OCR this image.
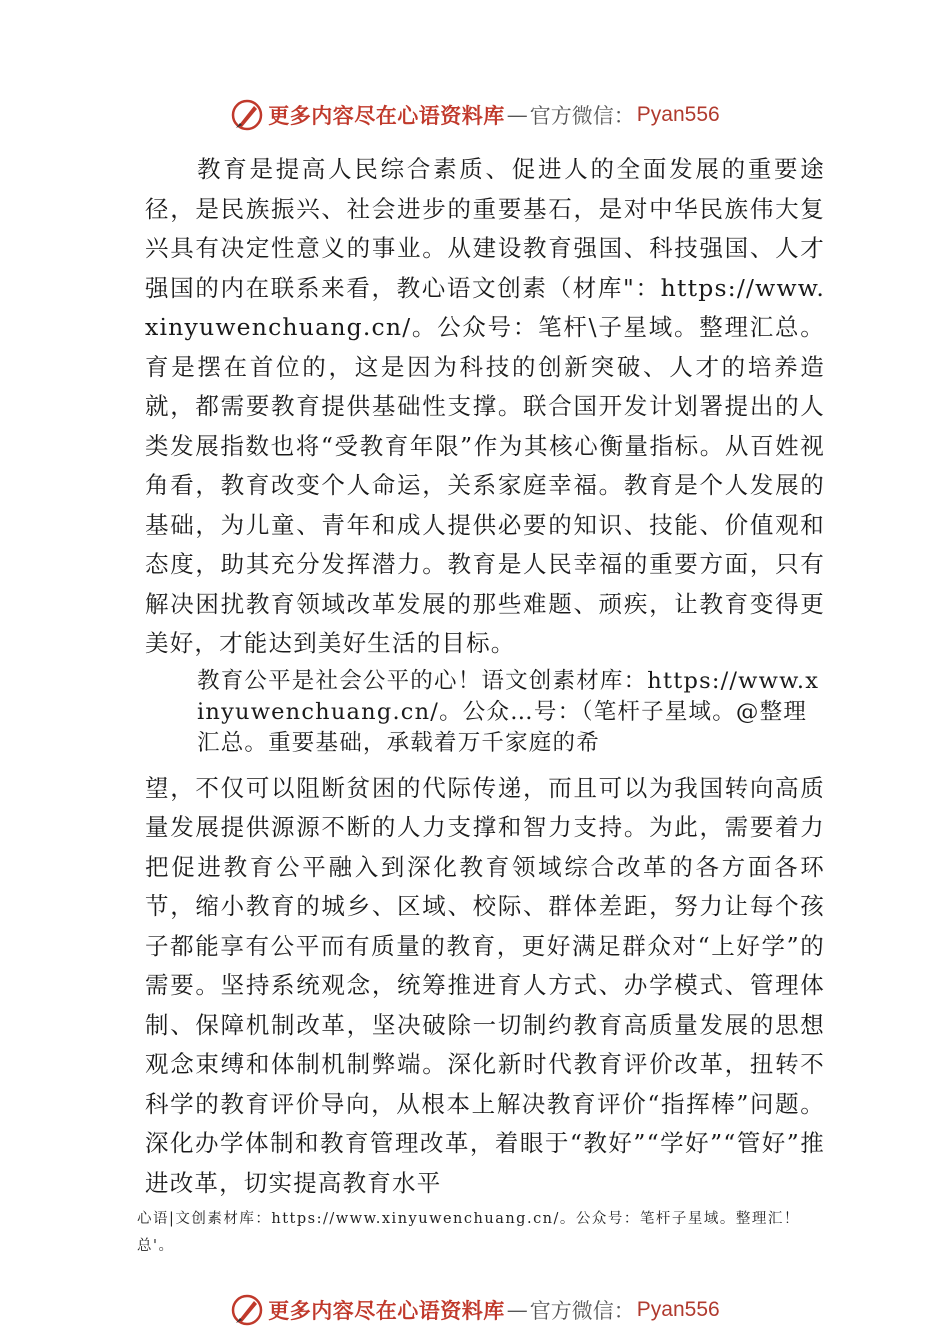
更多内容尽在心语资料库 — 官方微信： Pyan556

教育是提高人民综合素质、促进人的全面发展的重要途径，是民族振兴、社会进步的重要基石，是对中华民族伟大复兴具有决定性意义的事业。从建设教育强国、科技强国、人才强国的内在联系来看，教心语文创素（材库"：https://www.xinyuwenchuang.cn/。公众号：笔杆\子星域。整理汇总。育是摆在首位的，这是因为科技的创新突破、人才的培养造就，都需要教育提供基础性支撑。联合国开发计划署提出的人类发展指数也将“受教育年限”作为其核心衡量指标。从百姓视角看，教育改变个人命运，关系家庭幸福。教育是个人发展的基础，为儿童、青年和成人提供必要的知识、技能、价值观和态度，助其充分发挥潜力。教育是人民幸福的重要方面，只有解决困扰教育领域改革发展的那些难题、顽疾，让教育变得更美好，才能达到美好生活的目标。

教育公平是社会公平的心！语文创素材库：https://www.xinyuwenchuang.cn/。公众…号：（笔杆子星域。@整理汇总。重要基础，承载着万千家庭的希

望，不仅可以阻断贫困的代际传递，而且可以为我国转向高质量发展提供源源不断的人力支撑和智力支持。为此，需要着力把促进教育公平融入到深化教育领域综合改革的各方面各环节，缩小教育的城乡、区域、校际、群体差距，努力让每个孩子都能享有公平而有质量的教育，更好满足群众对“上好学”的需要。坚持系统观念，统筹推进育人方式、办学模式、管理体制、保障机制改革，坚决破除一切制约教育高质量发展的思想观念束缚和体制机制弊端。深化新时代教育评价改革，扭转不科学的教育评价导向，从根本上解决教育评价“指挥棒”问题。深化办学体制和教育管理改革，着眼于“教好”“学好”“管好”推进改革，切实提高教育水平

心语|文创素材库：https://www.xinyuwenchuang.cn/。公众号：笔杆子星域。整理汇！总'。
更多内容尽在心语资料库 — 官方微信： Pyan556
